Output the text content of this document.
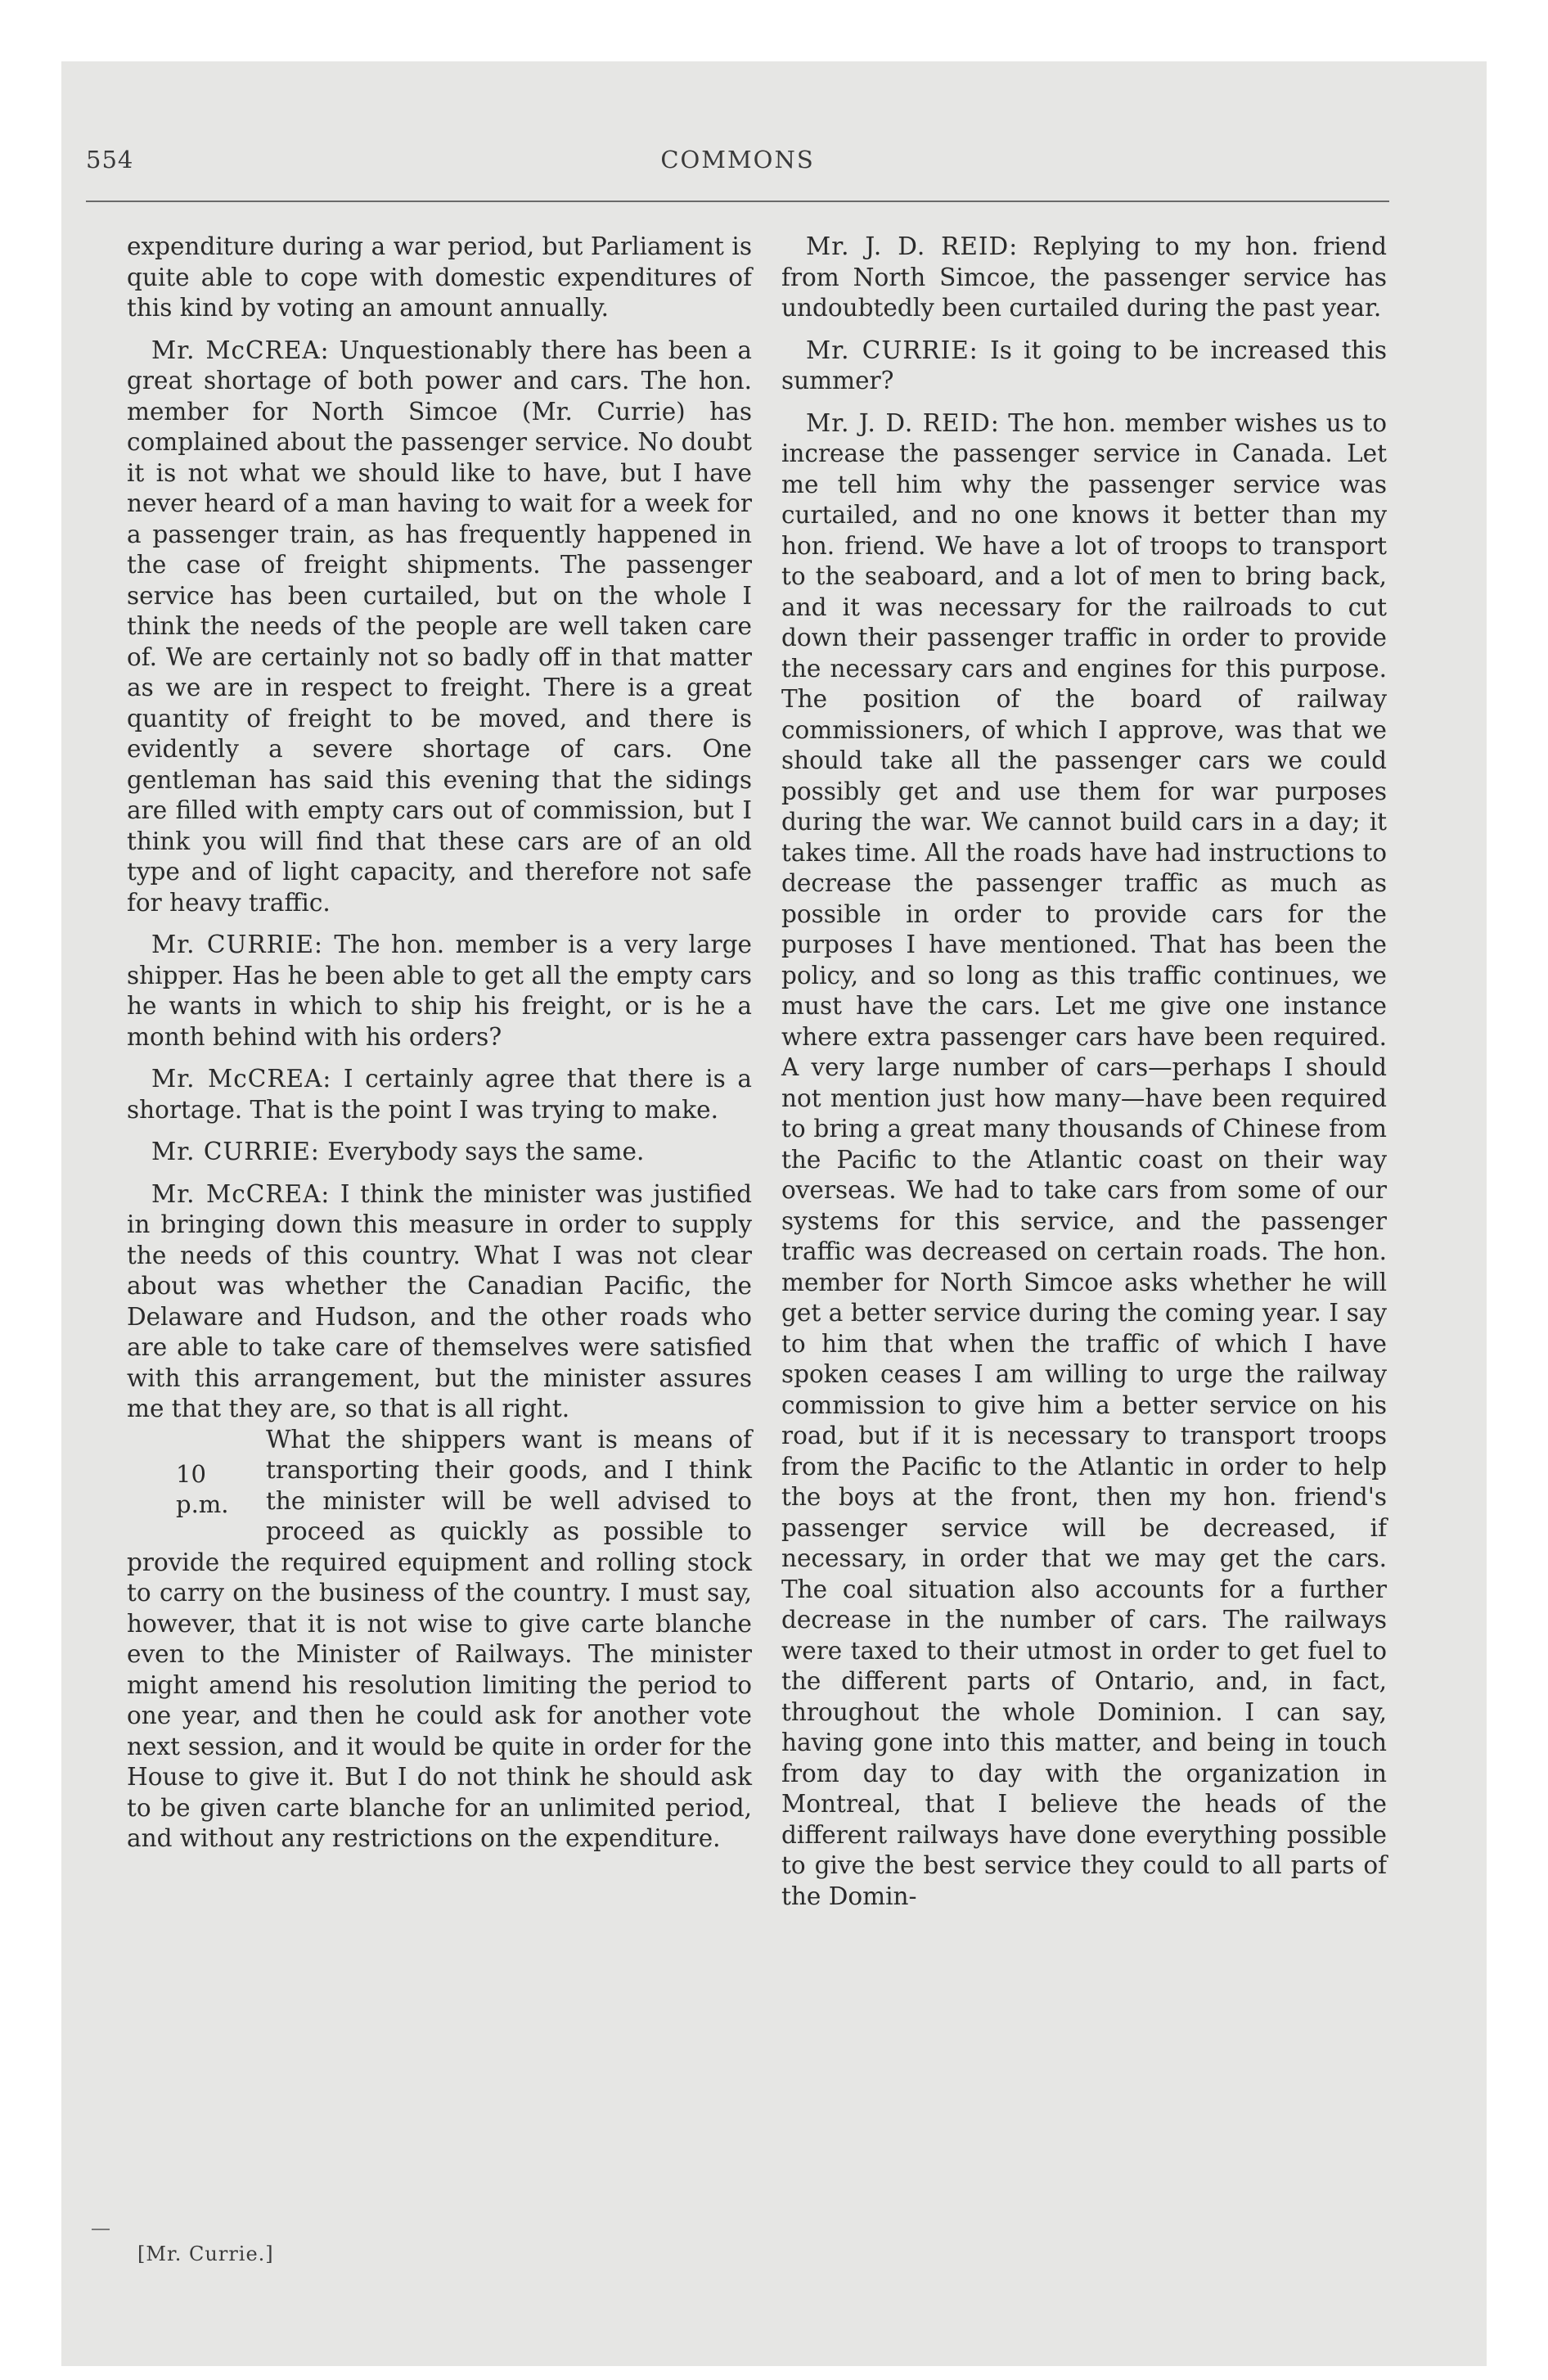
554	COMMONS

expenditure during a war period, but Parliament is quite able to cope with domestic expenditures of this kind by voting an amount annually.

Mr. McCREA: Unquestionably there has been a great shortage of both power and cars. The hon. member for North Simcoe (Mr. Currie) has complained about the passenger service. No doubt it is not what we should like to have, but I have never heard of a man having to wait for a week for a passenger train, as has frequently happened in the case of freight shipments. The passenger service has been curtailed, but on the whole I think the needs of the people are well taken care of. We are certainly not so badly off in that matter as we are in respect to freight. There is a great quantity of freight to be moved, and there is evidently a severe shortage of cars. One gentleman has said this evening that the sidings are filled with empty cars out of commission, but I think you will find that these cars are of an old type and of light capacity, and therefore not safe for heavy traffic.

Mr. CURRIE: The hon. member is a very large shipper. Has he been able to get all the empty cars he wants in which to ship his freight, or is he a month behind with his orders?

Mr. McCREA: I certainly agree that there is a shortage. That is the point I was trying to make.

Mr. CURRIE: Everybody says the same.

Mr. McCREA: I think the minister was justified in bringing down this measure in order to supply the needs of this country. What I was not clear about was whether the Canadian Pacific, the Delaware and Hudson, and the other roads who are able to take care of themselves were satisfied with this arrangement, but the minister assures me that they are, so that is all right.

10 p.m.
What the shippers want is means of transporting their goods, and I think the minister will be well advised to proceed as quickly as possible to provide the required equipment and rolling stock to carry on the business of the country. I must say, however, that it is not wise to give carte blanche even to the Minister of Railways. The minister might amend his resolution limiting the period to one year, and then he could ask for another vote next session, and it would be quite in order for the House to give it. But I do not think he should ask to be given carte blanche for an unlimited period, and without any restrictions on the expenditure.

Mr. J. D. REID: Replying to my hon. friend from North Simcoe, the passenger service has undoubtedly been curtailed during the past year.

Mr. CURRIE: Is it going to be increased this summer?

Mr. J. D. REID: The hon. member wishes us to increase the passenger service in Canada. Let me tell him why the passenger service was curtailed, and no one knows it better than my hon. friend. We have a lot of troops to transport to the seaboard, and a lot of men to bring back, and it was necessary for the railroads to cut down their passenger traffic in order to provide the necessary cars and engines for this purpose. The position of the board of railway commissioners, of which I approve, was that we should take all the passenger cars we could possibly get and use them for war purposes during the war. We cannot build cars in a day; it takes time. All the roads have had instructions to decrease the passenger traffic as much as possible in order to provide cars for the purposes I have mentioned. That has been the policy, and so long as this traffic continues, we must have the cars. Let me give one instance where extra passenger cars have been required. A very large number of cars—perhaps I should not mention just how many—have been required to bring a great many thousands of Chinese from the Pacific to the Atlantic coast on their way overseas. We had to take cars from some of our systems for this service, and the passenger traffic was decreased on certain roads. The hon. member for North Simcoe asks whether he will get a better service during the coming year. I say to him that when the traffic of which I have spoken ceases I am willing to urge the railway commission to give him a better service on his road, but if it is necessary to transport troops from the Pacific to the Atlantic in order to help the boys at the front, then my hon. friend's passenger service will be decreased, if necessary, in order that we may get the cars. The coal situation also accounts for a further decrease in the number of cars. The railways were taxed to their utmost in order to get fuel to the different parts of Ontario, and, in fact, throughout the whole Dominion. I can say, having gone into this matter, and being in touch from day to day with the organization in Montreal, that I believe the heads of the different railways have done everything possible to give the best service they could to all parts of the Domin-

[Mr. Currie.]
